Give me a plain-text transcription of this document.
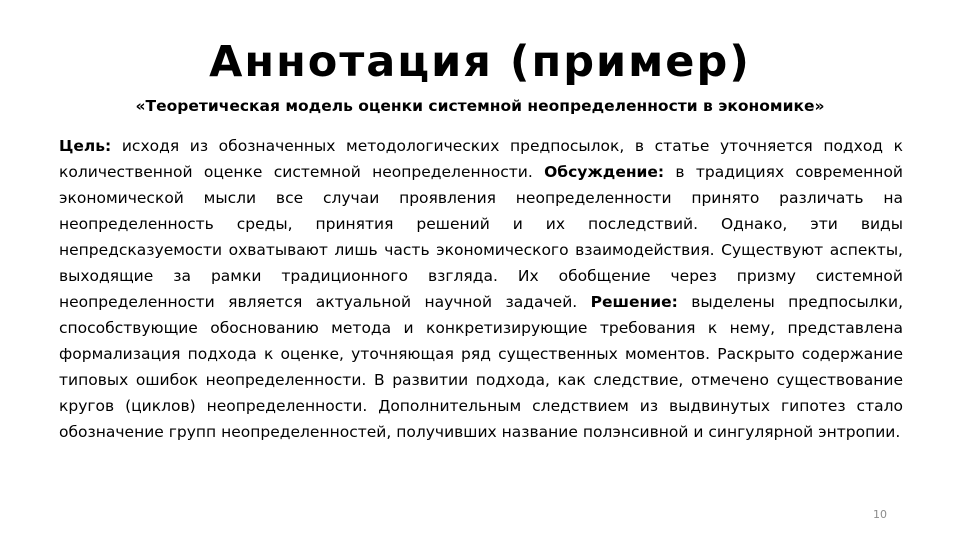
Аннотация (пример)
«Теоретическая модель оценки системной неопределенности в экономике»
Цель: исходя из обозначенных методологических предпосылок, в статье уточняется подход к количественной оценке системной неопределенности. Обсуждение: в традициях современной экономической мысли все случаи проявления неопределенности принято различать на неопределенность среды, принятия решений и их последствий. Однако, эти виды непредсказуемости охватывают лишь часть экономического взаимодействия. Существуют аспекты, выходящие за рамки традиционного взгляда. Их обобщение через призму системной неопределенности является актуальной научной задачей. Решение: выделены предпосылки, способствующие обоснованию метода и конкретизирующие требования к нему, представлена формализация подхода к оценке, уточняющая ряд существенных моментов. Раскрыто содержание типовых ошибок неопределенности. В развитии подхода, как следствие, отмечено существование кругов (циклов) неопределенности. Дополнительным следствием из выдвинутых гипотез стало обозначение групп неопределенностей, получивших название полэнсивной и сингулярной энтропии.
10
